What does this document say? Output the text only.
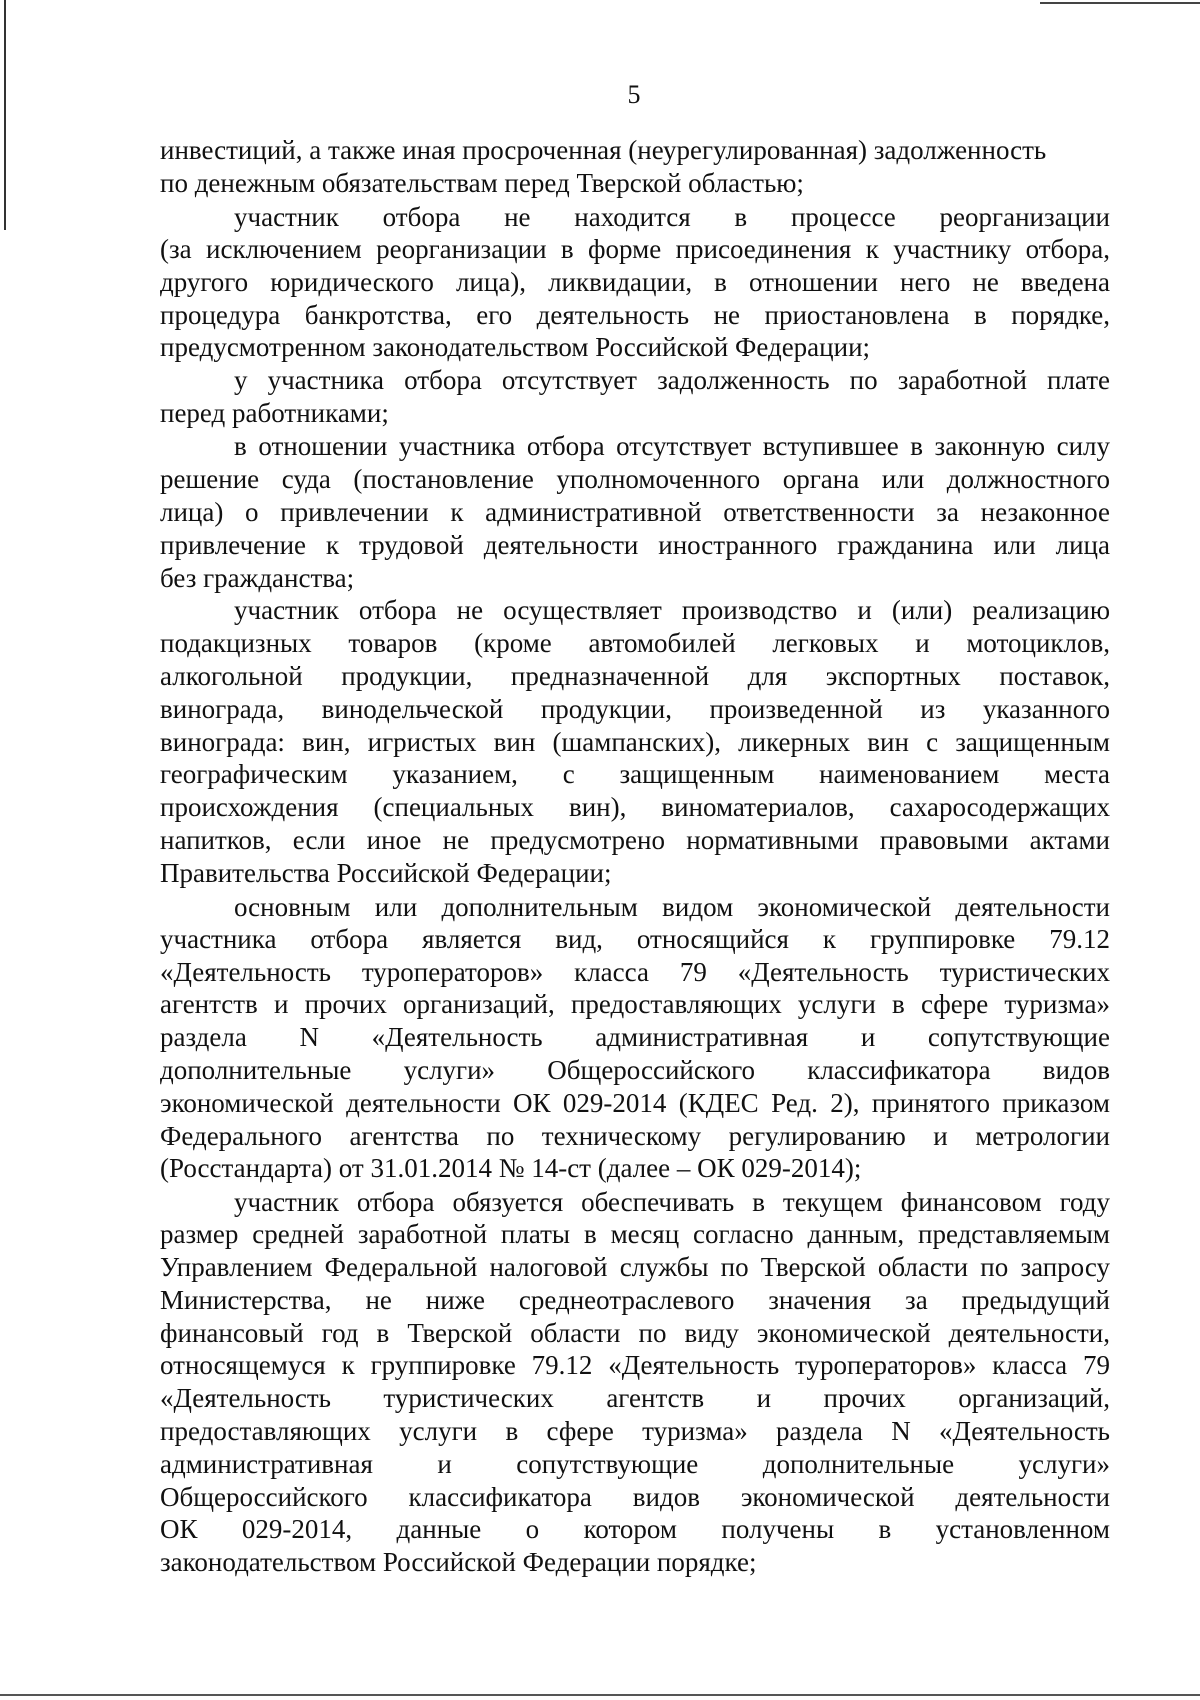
5
инвестиций, а также иная просроченная (неурегулированная) задолженность
по денежным обязательствам перед Тверской областью;
участник отбора не находится в процессе реорганизации
(за исключением реорганизации в форме присоединения к участнику отбора,
другого юридического лица), ликвидации, в отношении него не введена
процедура банкротства, его деятельность не приостановлена в порядке,
предусмотренном законодательством Российской Федерации;
у участника отбора отсутствует задолженность по заработной плате
перед работниками;
в отношении участника отбора отсутствует вступившее в законную силу
решение суда (постановление уполномоченного органа или должностного
лица) о привлечении к административной ответственности за незаконное
привлечение к трудовой деятельности иностранного гражданина или лица
без гражданства;
участник отбора не осуществляет производство и (или) реализацию
подакцизных товаров (кроме автомобилей легковых и мотоциклов,
алкогольной продукции, предназначенной для экспортных поставок,
винограда, винодельческой продукции, произведенной из указанного
винограда: вин, игристых вин (шампанских), ликерных вин с защищенным
географическим указанием, с защищенным наименованием места
происхождения (специальных вин), виноматериалов, сахаросодержащих
напитков, если иное не предусмотрено нормативными правовыми актами
Правительства Российской Федерации;
основным или дополнительным видом экономической деятельности
участника отбора является вид, относящийся к группировке 79.12
«Деятельность туроператоров» класса 79 «Деятельность туристических
агентств и прочих организаций, предоставляющих услуги в сфере туризма»
раздела N «Деятельность административная и сопутствующие
дополнительные услуги» Общероссийского классификатора видов
экономической деятельности ОК 029-2014 (КДЕС Ред. 2), принятого приказом
Федерального агентства по техническому регулированию и метрологии
(Росстандарта) от 31.01.2014 № 14-ст (далее – ОК 029-2014);
участник отбора обязуется обеспечивать в текущем финансовом году
размер средней заработной платы в месяц согласно данным, представляемым
Управлением Федеральной налоговой службы по Тверской области по запросу
Министерства, не ниже среднеотраслевого значения за предыдущий
финансовый год в Тверской области по виду экономической деятельности,
относящемуся к группировке 79.12 «Деятельность туроператоров» класса 79
«Деятельность туристических агентств и прочих организаций,
предоставляющих услуги в сфере туризма» раздела N «Деятельность
административная и сопутствующие дополнительные услуги»
Общероссийского классификатора видов экономической деятельности
ОК 029-2014, данные о котором получены в установленном
законодательством Российской Федерации порядке;
